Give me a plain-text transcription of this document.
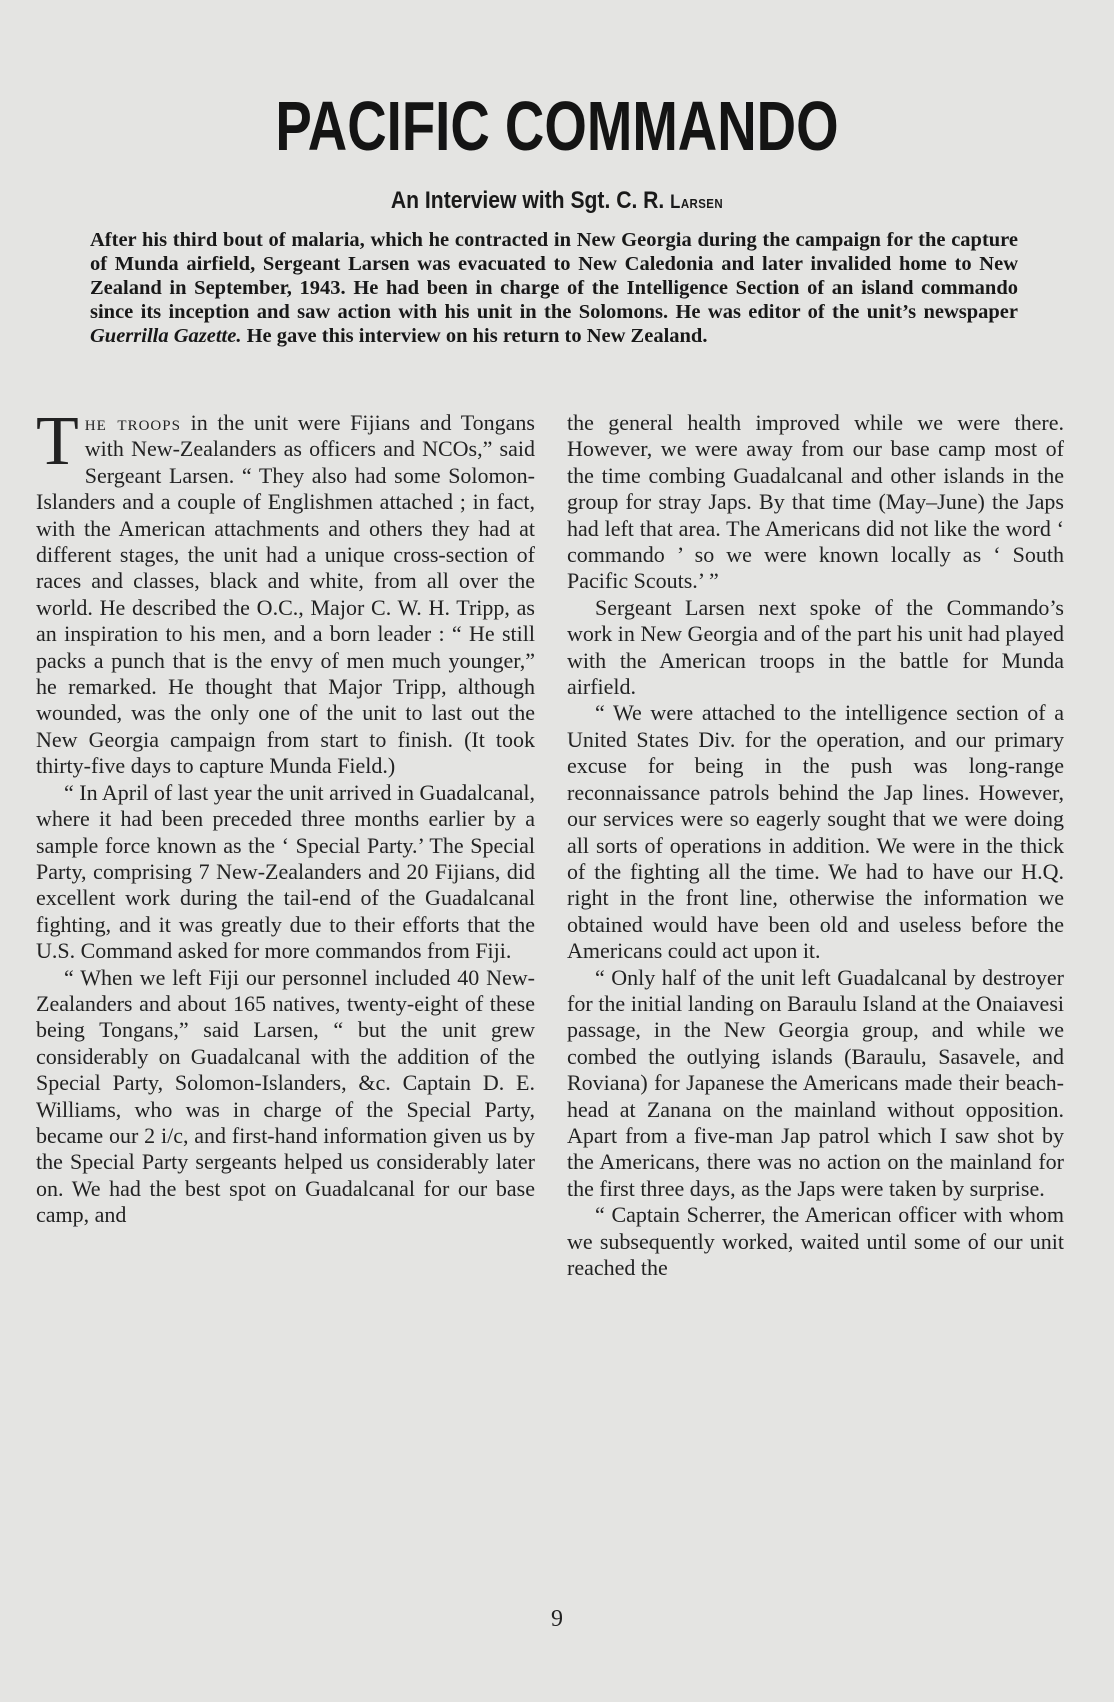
PACIFIC COMMANDO
An Interview with Sgt. C. R. Larsen

After his third bout of malaria, which he contracted in New Georgia during the campaign for the capture of Munda airfield, Sergeant Larsen was evacuated to New Caledonia and later invalided home to New Zealand in September, 1943. He had been in charge of the Intelligence Section of an island commando since its inception and saw action with his unit in the Solomons. He was editor of the unit’s newspaper Guerrilla Gazette. He gave this interview on his return to New Zealand.

The troops in the unit were Fijians and Tongans with New-Zealanders as officers and NCOs,” said Sergeant Larsen. “ They also had some Solomon-Islanders and a couple of Englishmen attached ; in fact, with the American attachments and others they had at different stages, the unit had a unique cross-section of races and classes, black and white, from all over the world. He described the O.C., Major C. W. H. Tripp, as an inspiration to his men, and a born leader : “ He still packs a punch that is the envy of men much younger,” he remarked. He thought that Major Tripp, although wounded, was the only one of the unit to last out the New Georgia campaign from start to finish. (It took thirty-five days to capture Munda Field.)

“ In April of last year the unit arrived in Guadalcanal, where it had been preceded three months earlier by a sample force known as the ‘ Special Party.’ The Special Party, comprising 7 New-Zealanders and 20 Fijians, did excellent work during the tail-end of the Guadalcanal fighting, and it was greatly due to their efforts that the U.S. Command asked for more commandos from Fiji.

“ When we left Fiji our personnel included 40 New-Zealanders and about 165 natives, twenty-eight of these being Tongans,” said Larsen, “ but the unit grew considerably on Guadalcanal with the addition of the Special Party, Solomon-Islanders, &c. Captain D. E. Williams, who was in charge of the Special Party, became our 2 i/c, and first-hand information given us by the Special Party sergeants helped us considerably later on. We had the best spot on Guadalcanal for our base camp, and

the general health improved while we were there. However, we were away from our base camp most of the time combing Guadalcanal and other islands in the group for stray Japs. By that time (May–June) the Japs had left that area. The Americans did not like the word ‘ commando ’ so we were known locally as ‘ South Pacific Scouts.’ ”

Sergeant Larsen next spoke of the Commando’s work in New Georgia and of the part his unit had played with the American troops in the battle for Munda airfield.

“ We were attached to the intelligence section of a United States Div. for the operation, and our primary excuse for being in the push was long-range reconnaissance patrols behind the Jap lines. However, our services were so eagerly sought that we were doing all sorts of operations in addition. We were in the thick of the fighting all the time. We had to have our H.Q. right in the front line, otherwise the information we obtained would have been old and useless before the Americans could act upon it.

“ Only half of the unit left Guadalcanal by destroyer for the initial landing on Baraulu Island at the Onaiavesi passage, in the New Georgia group, and while we combed the outlying islands (Baraulu, Sasavele, and Roviana) for Japanese the Americans made their beach-head at Zanana on the mainland without opposition. Apart from a five-man Jap patrol which I saw shot by the Americans, there was no action on the mainland for the first three days, as the Japs were taken by surprise.

“ Captain Scherrer, the American officer with whom we subsequently worked, waited until some of our unit reached the

9
